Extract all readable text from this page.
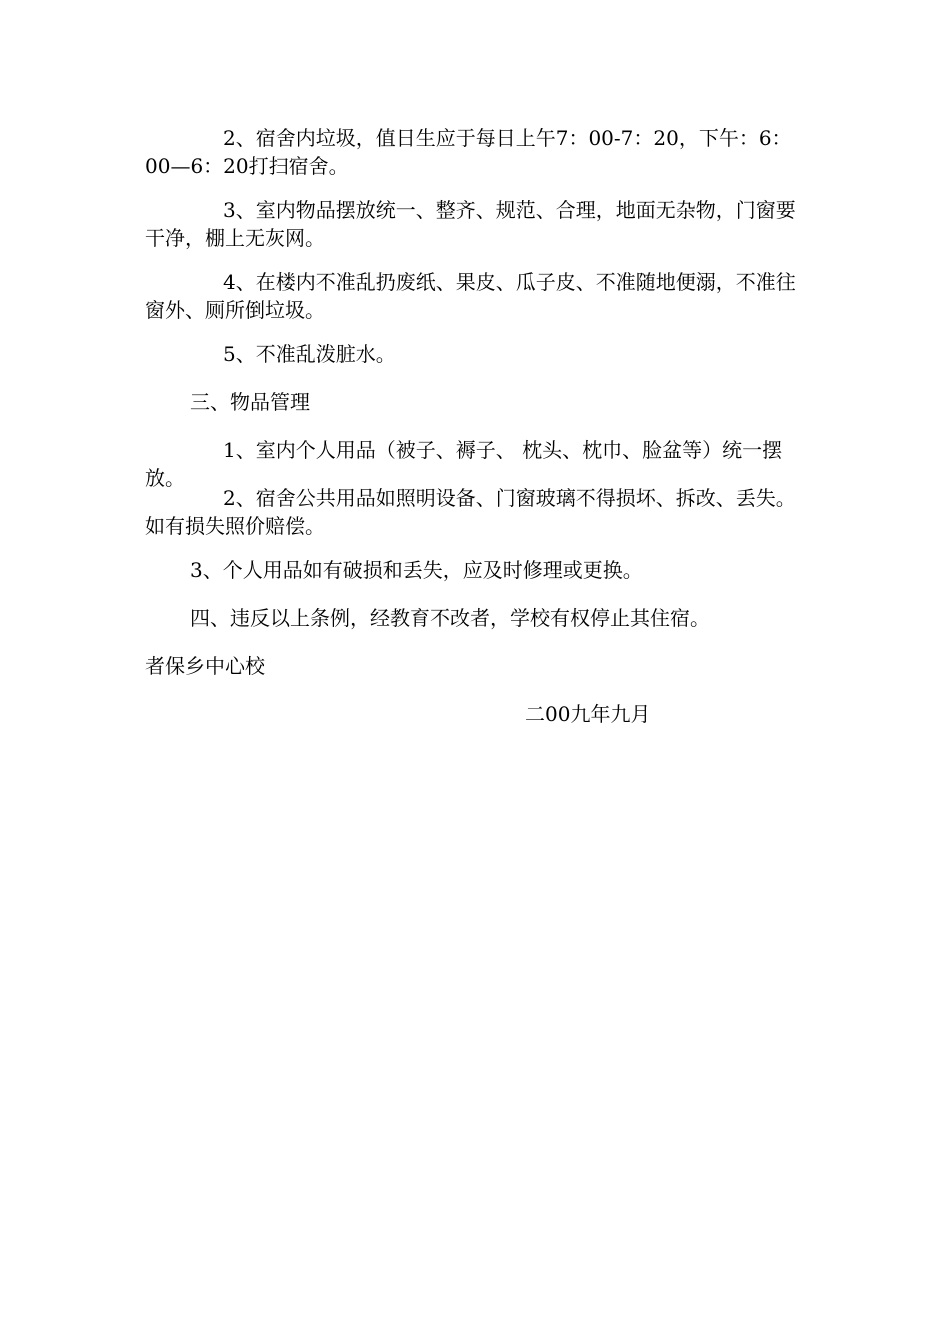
2、宿舍内垃圾，值日生应于每日上午7：00-7：20，下午：6：00—6：20打扫宿舍。

3、室内物品摆放统一、整齐、规范、合理，地面无杂物，门窗要干净，棚上无灰网。

4、在楼内不准乱扔废纸、果皮、瓜子皮、不准随地便溺，不准往窗外、厕所倒垃圾。

5、不准乱泼脏水。

三、物品管理

1、室内个人用品（被子、褥子、 枕头、枕巾、脸盆等）统一摆放。

2、宿舍公共用品如照明设备、门窗玻璃不得损坏、拆改、丢失。如有损失照价赔偿。

3、个人用品如有破损和丢失，应及时修理或更换。

四、违反以上条例，经教育不改者，学校有权停止其住宿。

者保乡中心校

二00九年九月
